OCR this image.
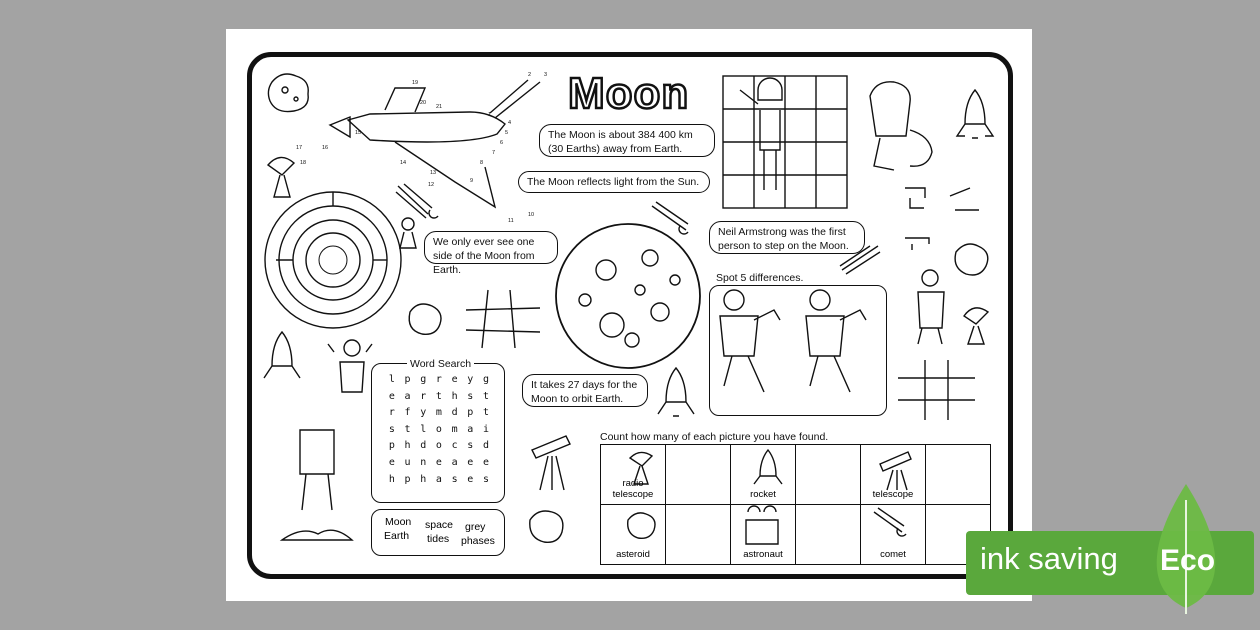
Moon
The Moon is about 384 400 km (30 Earths) away from Earth.
The Moon reflects light from the Sun.
Neil Armstrong was the first person to step on the Moon.
We only ever see one side of the Moon from Earth.
It takes 27 days for the Moon to orbit Earth.
Spot 5 differences.
Word Search
l p g r e y g
e a r t h s t
r f y m d p t
s t l o m a i
p h d o c s d
e u n e a e e
h p h a s e s
Moon space grey
Earth tides phases
Count how many of each picture you have found.
radio telescope		rocket		telescope	

asteroid		astronaut		comet	

1
2 3
4
5
6
7
8
9
10
11
12
13
14
15
16
17
18
19
20
21
ink saving Eco
